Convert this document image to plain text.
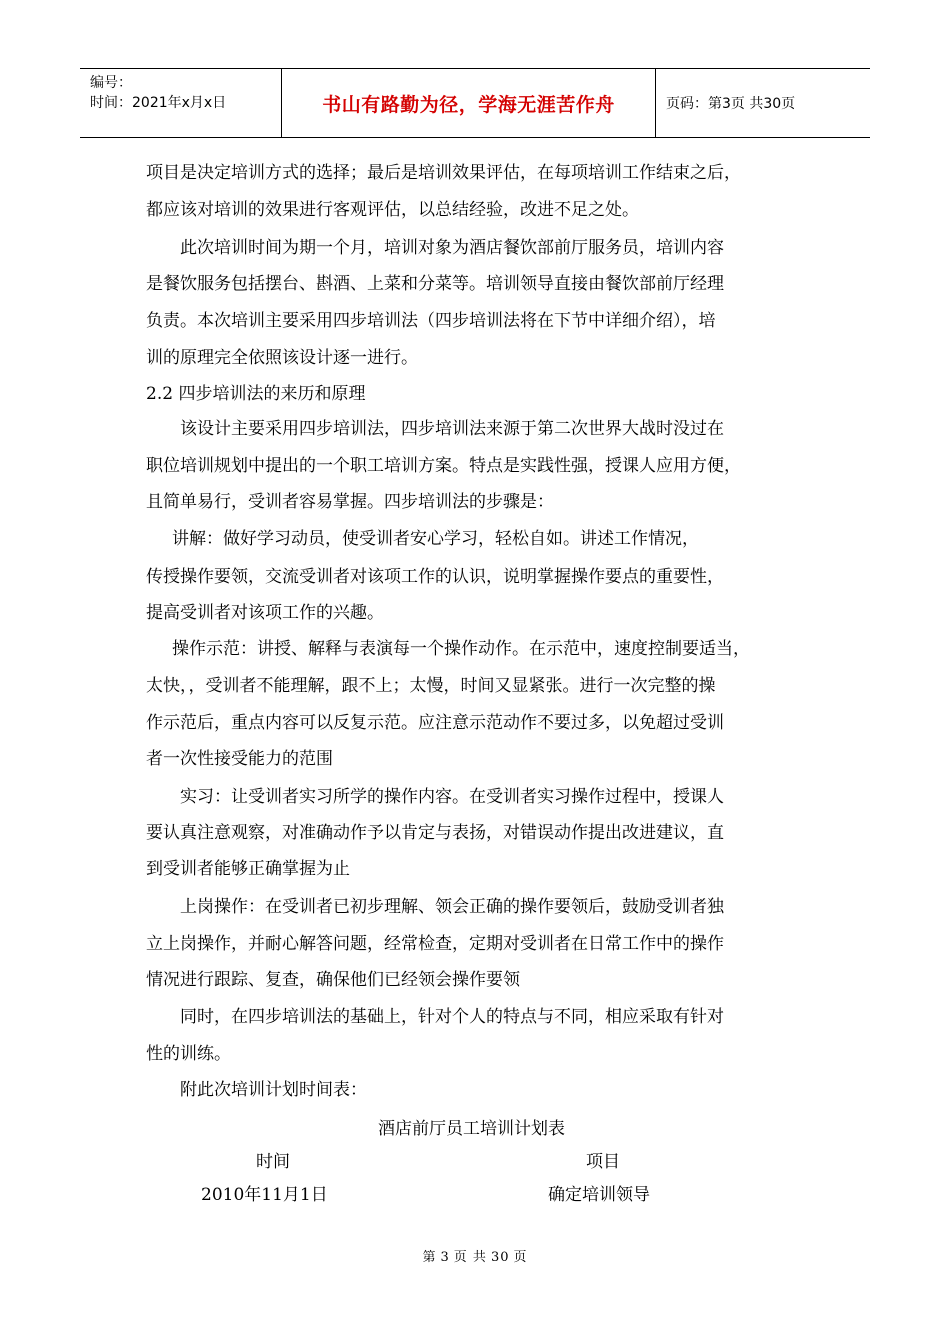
编号：
时间：2021年x月x日	书山有路勤为径，学海无涯苦作舟	页码：第3页 共30页
项目是决定培训方式的选择；最后是培训效果评估，在每项培训工作结束之后，
都应该对培训的效果进行客观评估，以总结经验，改进不足之处。
此次培训时间为期一个月，培训对象为酒店餐饮部前厅服务员，培训内容
是餐饮服务包括摆台、斟酒、上菜和分菜等。培训领导直接由餐饮部前厅经理
负责。本次培训主要采用四步培训法（四步培训法将在下节中详细介绍），培
训的原理完全依照该设计逐一进行。
2.2 四步培训法的来历和原理
该设计主要采用四步培训法，四步培训法来源于第二次世界大战时没过在
职位培训规划中提出的一个职工培训方案。特点是实践性强，授课人应用方便，
且简单易行，受训者容易掌握。四步培训法的步骤是：
讲解：做好学习动员，使受训者安心学习，轻松自如。讲述工作情况，
传授操作要领，交流受训者对该项工作的认识，说明掌握操作要点的重要性，
提高受训者对该项工作的兴趣。
操作示范：讲授、解释与表演每一个操作动作。在示范中，速度控制要适当，
太快，，受训者不能理解，跟不上；太慢，时间又显紧张。进行一次完整的操
作示范后，重点内容可以反复示范。应注意示范动作不要过多，以免超过受训
者一次性接受能力的范围
实习：让受训者实习所学的操作内容。在受训者实习操作过程中，授课人
要认真注意观察，对准确动作予以肯定与表扬，对错误动作提出改进建议，直
到受训者能够正确掌握为止
上岗操作：在受训者已初步理解、领会正确的操作要领后，鼓励受训者独
立上岗操作，并耐心解答问题，经常检查，定期对受训者在日常工作中的操作
情况进行跟踪、复查，确保他们已经领会操作要领
同时，在四步培训法的基础上，针对个人的特点与不同，相应采取有针对
性的训练。
附此次培训计划时间表：
酒店前厅员工培训计划表
时间	项目
2010年11月1日	确定培训领导
第 3 页 共 30 页
